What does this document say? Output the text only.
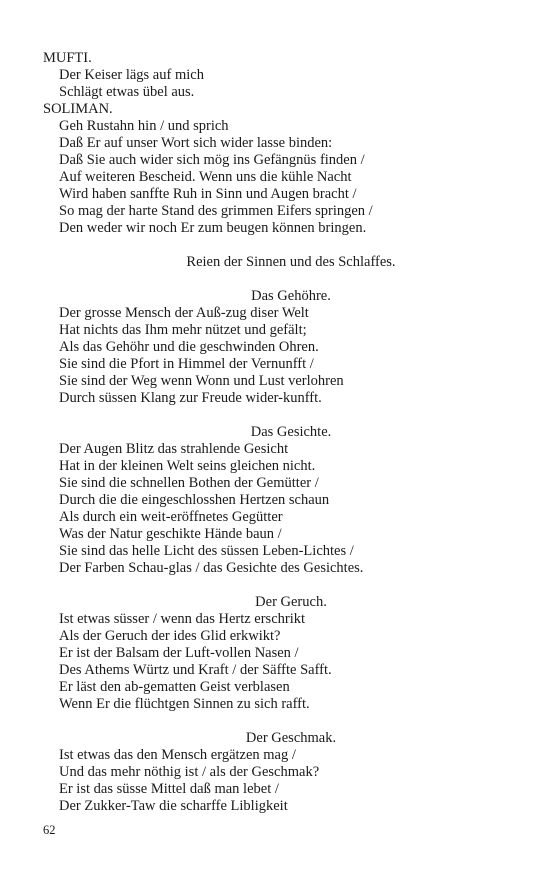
MUFTI.
Der Keiser lägs auf mich
Schlägt etwas übel aus.
SOLIMAN.
Geh Rustahn hin / und sprich
Daß Er auf unser Wort sich wider lasse binden:
Daß Sie auch wider sich mög ins Gefängnüs finden /
Auf weiteren Bescheid. Wenn uns die kühle Nacht
Wird haben sanffte Ruh in Sinn und Augen bracht /
So mag der harte Stand des grimmen Eifers springen /
Den weder wir noch Er zum beugen können bringen.
Reien der Sinnen und des Schlaffes.
Das Gehöhre.
Der grosse Mensch der Auß-zug diser Welt
Hat nichts das Ihm mehr nützet und gefält;
Als das Gehöhr und die geschwinden Ohren.
Sie sind die Pfort in Himmel der Vernunfft /
Sie sind der Weg wenn Wonn und Lust verlohren
Durch süssen Klang zur Freude wider-kunfft.
Das Gesichte.
Der Augen Blitz das strahlende Gesicht
Hat in der kleinen Welt seins gleichen nicht.
Sie sind die schnellen Bothen der Gemütter /
Durch die die eingeschlosshen Hertzen schaun
Als durch ein weit-eröffnetes Gegütter
Was der Natur geschikte Hände baun /
Sie sind das helle Licht des süssen Leben-Lichtes /
Der Farben Schau-glas / das Gesichte des Gesichtes.
Der Geruch.
Ist etwas süsser / wenn das Hertz erschrikt
Als der Geruch der ides Glid erkwikt?
Er ist der Balsam der Luft-vollen Nasen /
Des Athems Würtz und Kraft / der Säffte Safft.
Er läst den ab-gematten Geist verblasen
Wenn Er die flüchtgen Sinnen zu sich rafft.
Der Geschmak.
Ist etwas das den Mensch ergätzen mag /
Und das mehr nöthig ist / als der Geschmak?
Er ist das süsse Mittel daß man lebet /
Der Zukker-Taw die scharffe Libligkeit
62
